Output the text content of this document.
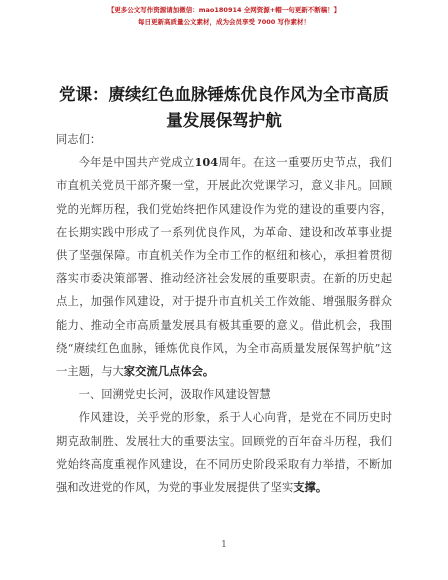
【更多公文写作资源请加微信：mao180914 全网资源+帽一句更新不断稿！】
每日更新高质量公文素材，成为会员享受 7000 写作素材！
党课：赓续红色血脉锤炼优良作风为全市高质
量发展保驾护航

同志们：

今年是中国共产党成立104周年。在这一重要历史节点，我们市直机关党员干部齐聚一堂，开展此次党课学习，意义非凡。回顾党的光辉历程，我们党始终把作风建设作为党的建设的重要内容，在长期实践中形成了一系列优良作风，为革命、建设和改革事业提供了坚强保障。市直机关作为全市工作的枢纽和核心，承担着贯彻落实市委决策部署、推动经济社会发展的重要职责。在新的历史起点上，加强作风建设，对于提升市直机关工作效能、增强服务群众能力、推动全市高质量发展具有极其重要的意义。借此机会，我围绕“赓续红色血脉，锤炼优良作风，为全市高质量发展保驾护航”这一主题，与大家交流几点体会。

一、回溯党史长河，汲取作风建设智慧

作风建设，关乎党的形象，系于人心向背，是党在不同历史时期克敌制胜、发展壮大的重要法宝。回顾党的百年奋斗历程，我们党始终高度重视作风建设，在不同历史阶段采取有力举措，不断加强和改进党的作风，为党的事业发展提供了坚实支撑。

1
